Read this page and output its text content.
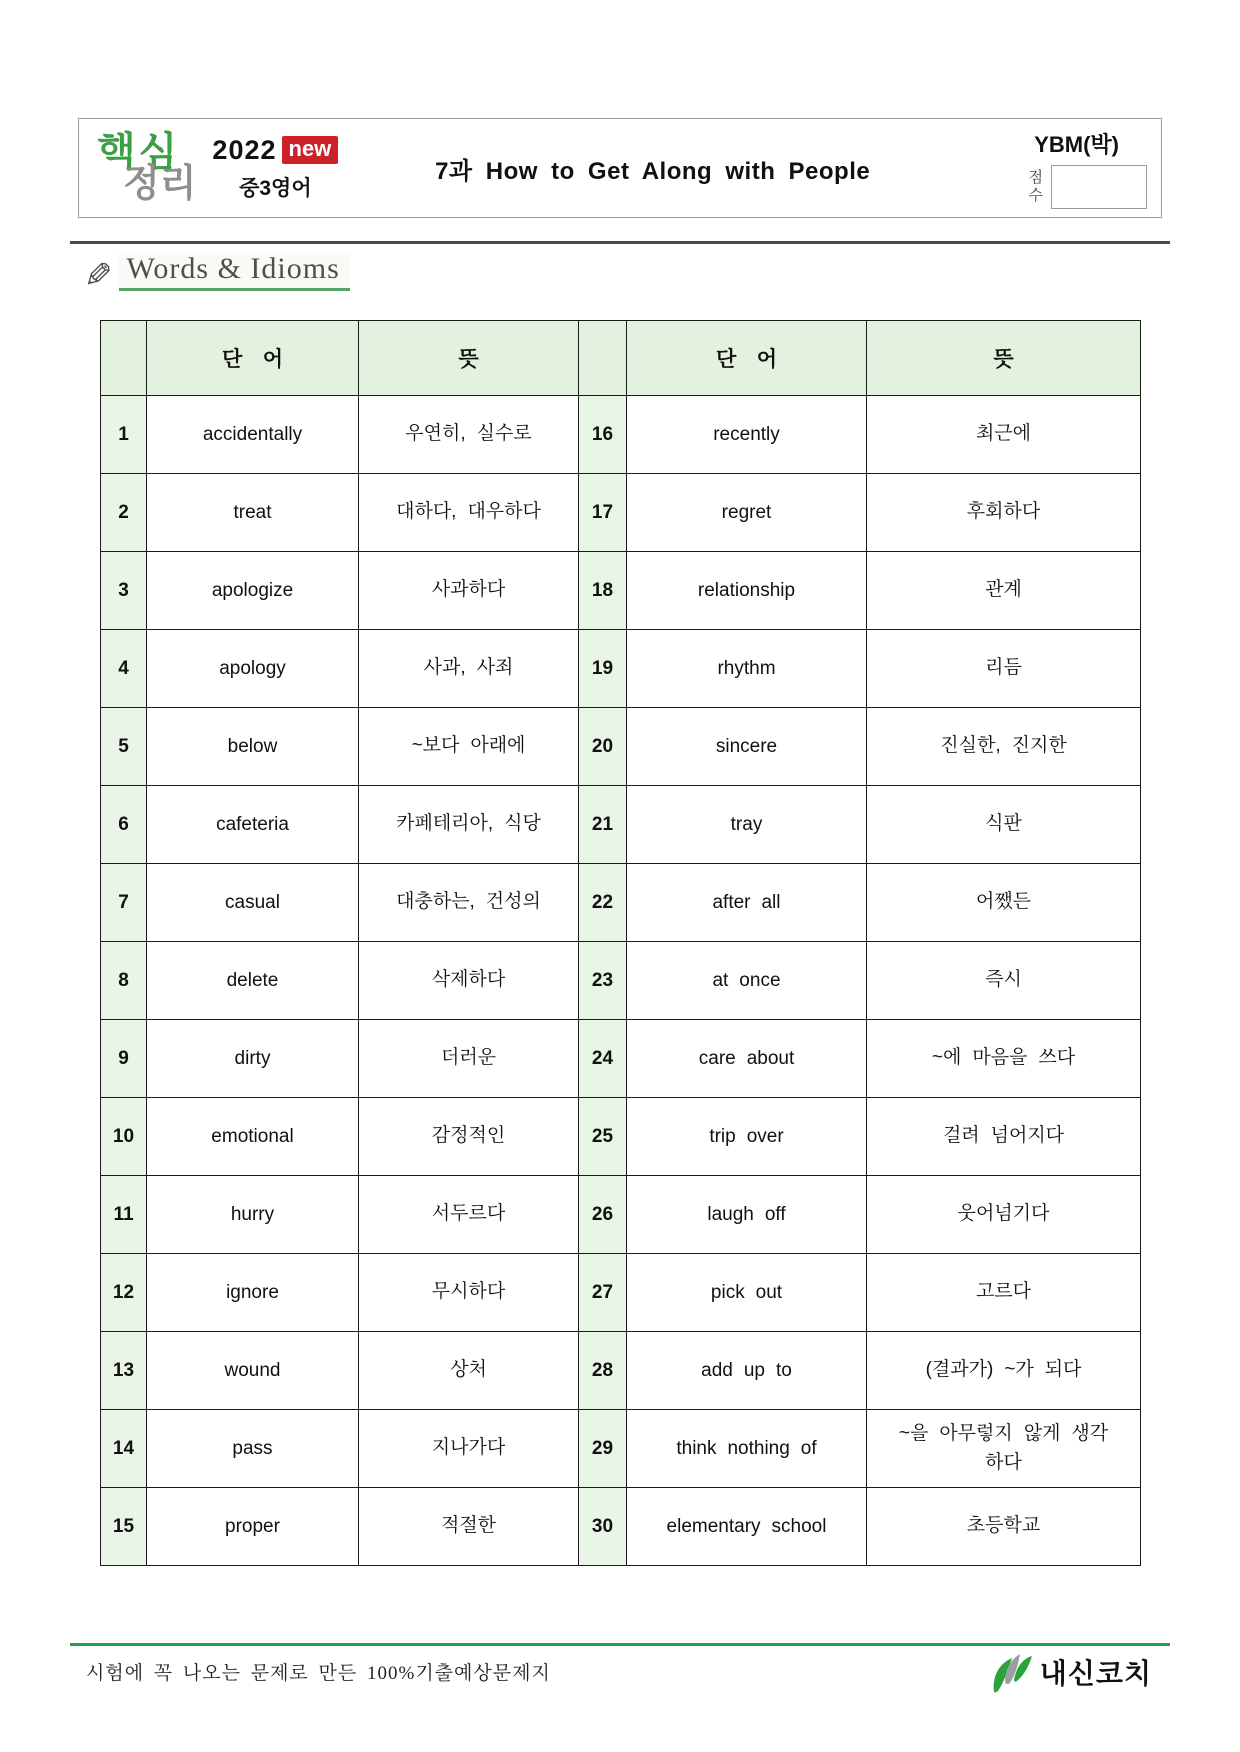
핵심
정리
2022 new
중3영어
7과 How to Get Along with People
YBM(박)
점수
✎ Words & Idioms
	단 어	뜻		단 어	뜻
1	accidentally	우연히, 실수로	16	recently	최근에
2	treat	대하다, 대우하다	17	regret	후회하다
3	apologize	사과하다	18	relationship	관계
4	apology	사과, 사죄	19	rhythm	리듬
5	below	~보다 아래에	20	sincere	진실한, 진지한
6	cafeteria	카페테리아, 식당	21	tray	식판
7	casual	대충하는, 건성의	22	after all	어쨌든
8	delete	삭제하다	23	at once	즉시
9	dirty	더러운	24	care about	~에 마음을 쓰다
10	emotional	감정적인	25	trip over	걸려 넘어지다
11	hurry	서두르다	26	laugh off	웃어넘기다
12	ignore	무시하다	27	pick out	고르다
13	wound	상처	28	add up to	(결과가) ~가 되다
14	pass	지나가다	29	think nothing of	~을 아무렇지 않게 생각하다
15	proper	적절한	30	elementary school	초등학교
시험에 꼭 나오는 문제로 만든 100%기출예상문제지	내신코치
